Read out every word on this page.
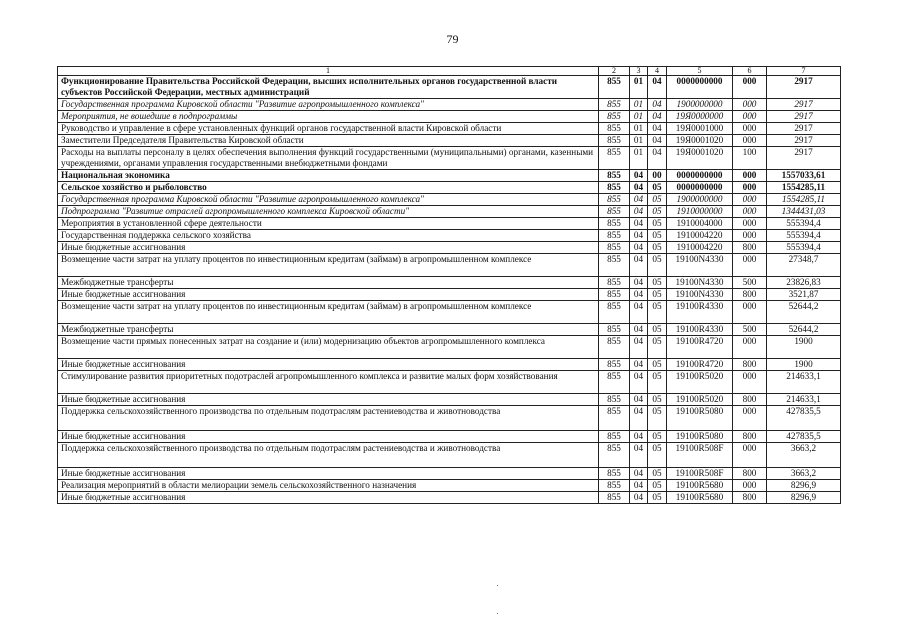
79
1	2	3	4	5	6	7
Функционирование Правительства Российской Федерации, высших исполнительных органов государственной власти субъектов Российской Федерации, местных администраций	855	01	04	0000000000	000	2917
Государственная программа Кировской области "Развитие агропромышленного комплекса"	855	01	04	1900000000	000	2917
Мероприятия, не вошедшие в подпрограммы	855	01	04	19Я0000000	000	2917
Руководство и управление в сфере установленных функций органов государственной власти Кировской области	855	01	04	19Я0001000	000	2917
Заместители Председателя Правительства Кировской области	855	01	04	19Я0001020	000	2917
Расходы на выплаты персоналу в целях обеспечения выполнения функций государственными (муниципальными) органами, казенными учреждениями, органами управления государственными внебюджетными фондами	855	01	04	19Я0001020	100	2917
Национальная экономика	855	04	00	0000000000	000	1557033,61
Сельское хозяйство и рыболовство	855	04	05	0000000000	000	1554285,11
Государственная программа Кировской области "Развитие агропромышленного комплекса"	855	04	05	1900000000	000	1554285,11
Подпрограмма "Развитие отраслей агропромышленного комплекса Кировской области"	855	04	05	1910000000	000	1344431,03
Мероприятия в установленной сфере деятельности	855	04	05	1910004000	000	555394,4
Государственная поддержка сельского хозяйства	855	04	05	1910004220	000	555394,4
Иные бюджетные ассигнования	855	04	05	1910004220	800	555394,4
Возмещение части затрат на уплату процентов по инвестиционным кредитам (займам) в агропромышленном комплексе	855	04	05	19100N4330	000	27348,7
Межбюджетные трансферты	855	04	05	19100N4330	500	23826,83
Иные бюджетные ассигнования	855	04	05	19100N4330	800	3521,87
Возмещение части затрат на уплату процентов по инвестиционным кредитам (займам) в агропромышленном комплексе	855	04	05	19100R4330	000	52644,2
Межбюджетные трансферты	855	04	05	19100R4330	500	52644,2
Возмещение части прямых понесенных затрат на создание и (или) модернизацию объектов агропромышленного комплекса	855	04	05	19100R4720	000	1900
Иные бюджетные ассигнования	855	04	05	19100R4720	800	1900
Стимулирование развития приоритетных подотраслей агропромышленного комплекса и развитие малых форм хозяйствования	855	04	05	19100R5020	000	214633,1
Иные бюджетные ассигнования	855	04	05	19100R5020	800	214633,1
Поддержка сельскохозяйственного производства по отдельным подотраслям растениеводства и животноводства	855	04	05	19100R5080	000	427835,5
Иные бюджетные ассигнования	855	04	05	19100R5080	800	427835,5
Поддержка сельскохозяйственного производства по отдельным подотраслям растениеводства и животноводства	855	04	05	19100R508F	000	3663,2
Иные бюджетные ассигнования	855	04	05	19100R508F	800	3663,2
Реализация мероприятий в области мелиорации земель сельскохозяйственного назначения	855	04	05	19100R5680	000	8296,9
Иные бюджетные ассигнования	855	04	05	19100R5680	800	8296,9
